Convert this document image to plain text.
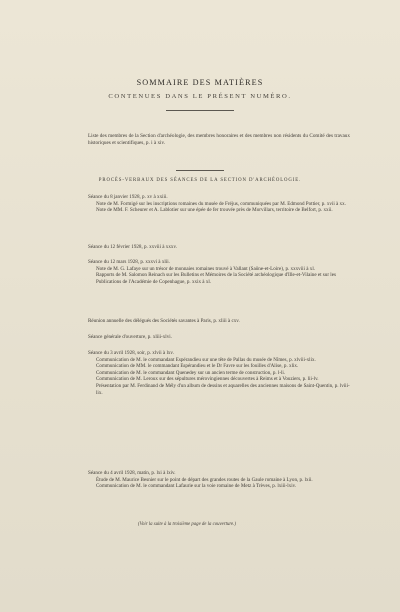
SOMMAIRE DES MATIÈRES
CONTENUES DANS LE PRÉSENT NUMÉRO.
Liste des membres de la Section d'archéologie, des membres honoraires et des membres non résidents du Comité des travaux historiques et scientifiques, p. i à xiv.
PROCÈS-VERBAUX DES SÉANCES DE LA SECTION D'ARCHÉOLOGIE.

Séance du 8 janvier 1928, p. xv à xxiii.

Note de M. Formigé sur les inscriptions romaines du musée de Fréjus, communiquées par M. Edmond Pottier, p. xvii à xx.

Note de MM. F. Scheurer et A. Lablotier sur une épée de fer trouvée près de Morvillars, territoire de Belfort, p. xxii.

Séance du 12 février 1928, p. xxviii à xxxv.

Séance du 12 mars 1928, p. xxxvi à xlii.

Note de M. G. Lafaye sur un trésor de monnaies romaines trouvé à Vallant (Saône-et-Loire), p. xxxviii à xl.

Rapports de M. Salomon Reinach sur les Bulletins et Mémoires de la Société archéologique d'Ille-et-Vilaine et sur les Publications de l'Académie de Copenhague, p. xxix à xl.

Réunion annuelle des délégués des Sociétés savantes à Paris, p. xliii à cxv.

Séance générale d'ouverture, p. xliii-xlvi.

Séance du 3 avril 1928, soir, p. xlvii à lxv.

Communication de M. le commandant Espérandieu sur une tête de Pallas du musée de Nîmes, p. xlviii-xlix.

Communication de MM. le commandant Espérandieu et le Dr Favre sur les fouilles d'Alise, p. xlix.

Communication de M. le commandant Quenedey sur un ancien terme de construction, p. l-li.

Communication de M. Leroux sur des sépultures mérovingiennes découvertes à Reims et à Vouziers, p. lii-lv.

Présentation par M. Ferdinand de Mély d'un album de dessins et aquarelles des anciennes maisons de Saint-Quentin, p. lviii-lix.

Séance du 4 avril 1928, matin, p. lxi à lxiv.

Étude de M. Maurice Besnier sur le point de départ des grandes routes de la Gaule romaine à Lyon, p. lxii.

Communication de M. le commandant Lafaurie sur la voie romaine de Metz à Trèves, p. lxiii-lxiv.

(Voir la suite à la troisième page de la couverture.)
